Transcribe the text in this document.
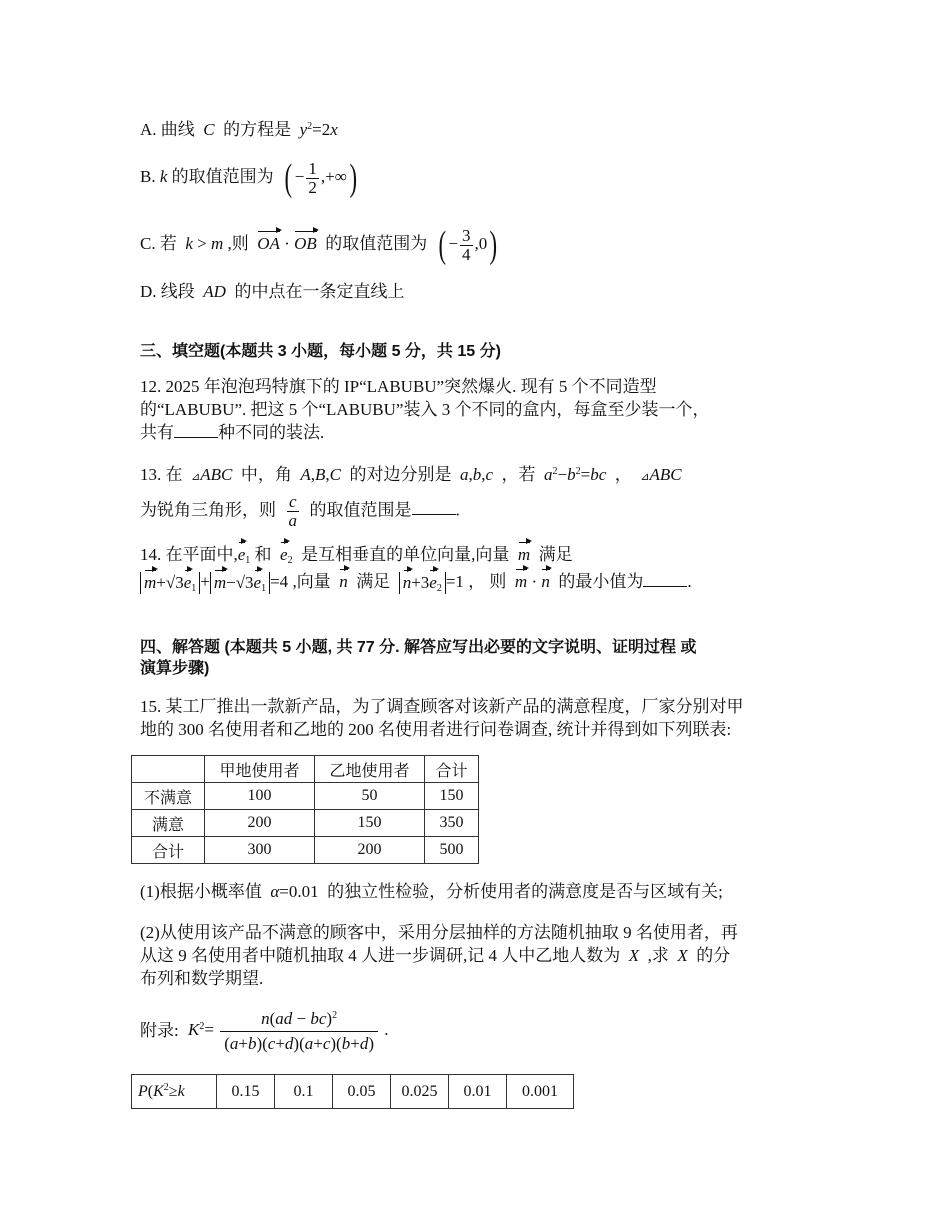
A. 曲线 C 的方程是 $y^2=2x$
B. k 的取值范围为 ( − $\frac{1}{2}$ ,+∞)
C. 若 k > m ,则 OA · OB 的取值范围为 ( − $\frac{3}{4} ,0$)
D. 线段 AD 的中点在一条定直线上
三、填空题(本题共 3 小题，每小题 5 分，共 15 分)
12. 2025 年泡泡玛特旗下的 IP“LABUBU”突然爆火. 现有 5 个不同造型
的“LABUBU”. 把这 5 个“LABUBU”装入 3 个不同的盒内，每盒至少装一个，
共有	种不同的装法.
13. 在 ⊿ABC 中，角 A,B,C 的对边分别是 a,b,c ，若 $a^2-b^2=bc$  ，  ⊿ABC
为锐角三角形，则 $\frac{c}{a}$ 的取值范围是	.
14. 在平面中$,e_1$ 和 $e_2$ 是互相垂直的单位向量,向量 m 满足
$m+√3e_1 + m-√3e_1 =4$ ,向量 n 满足 $n+3e_2 =1$ ， 则 m · n 的最小值为	.
四、解答题 (本题共 5 小题, 共 77 分. 解答应写出必要的文字说明、证明过程 或
演算步骤)
15. 某工厂推出一款新产品，为了调查顾客对该新产品的满意程度，厂家分别对甲
地的 300 名使用者和乙地的 200 名使用者进行问卷调查, 统计并得到如下列联表:
	甲地使用者	乙地使用者	合计
不满意	100	50	150
满意	200	150	350
合计	300	200	500
(1)根据小概率值 α=0.01  的独立性检验，分析使用者的满意度是否与区域有关;
(2)从使用该产品不满意的顾客中，采用分层抽样的方法随机抽取 9 名使用者，再
从这 9 名使用者中随机抽取 4 人进一步调研,记 4 人中乙地人数为 X ,求 X 的分
布列和数学期望.
附录: $K^2= \frac{n(ad - bc)^2}{(a+b)(c+d)(a+c)(b+d)}$ .
$P(K^2\ge k$	0.15	0.1	0.05	0.025	0.01	0.001
